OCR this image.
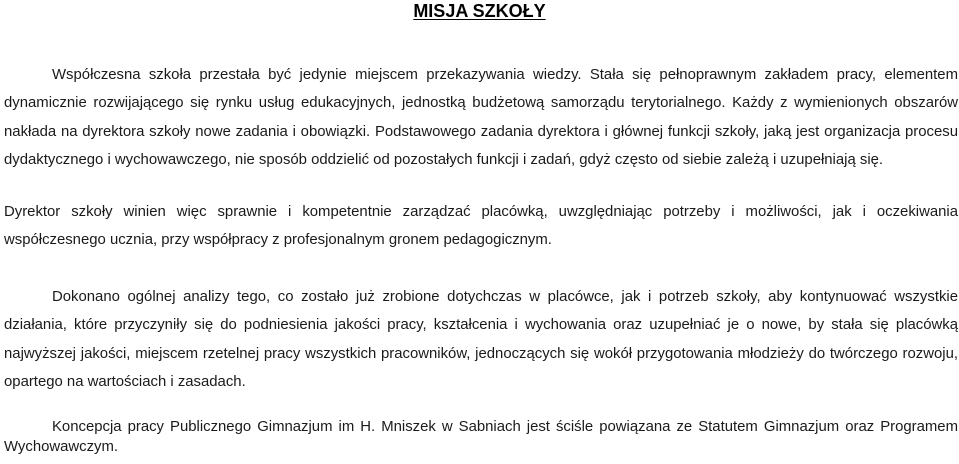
MISJA SZKOŁY

Współczesna szkoła przestała być jedynie miejscem przekazywania wiedzy. Stała się pełnoprawnym zakładem pracy, elementem dynamicznie rozwijającego się rynku usług edukacyjnych, jednostką budżetową samorządu terytorialnego. Każdy z wymienionych obszarów nakłada na dyrektora szkoły nowe zadania i obowiązki. Podstawowego zadania dyrektora i głównej funkcji szkoły, jaką jest organizacja procesu dydaktycznego i wychowawczego, nie sposób oddzielić od pozostałych funkcji i zadań, gdyż często od siebie zależą i uzupełniają się.

Dyrektor szkoły winien więc sprawnie i kompetentnie zarządzać placówką, uwzględniając potrzeby i możliwości, jak i oczekiwania współczesnego ucznia, przy współpracy z profesjonalnym gronem pedagogicznym.

Dokonano ogólnej analizy tego, co zostało już zrobione dotychczas w placówce, jak i potrzeb szkoły, aby kontynuować wszystkie działania, które przyczyniły się do podniesienia jakości pracy, kształcenia i wychowania oraz uzupełniać je o nowe, by stała się placówką najwyższej jakości, miejscem rzetelnej pracy wszystkich pracowników, jednoczących się wokół przygotowania młodzieży do twórczego rozwoju, opartego na wartościach i zasadach.

Koncepcja pracy Publicznego Gimnazjum im H. Mniszek w Sabniach jest ściśle powiązana ze Statutem Gimnazjum oraz Programem Wychowawczym.
